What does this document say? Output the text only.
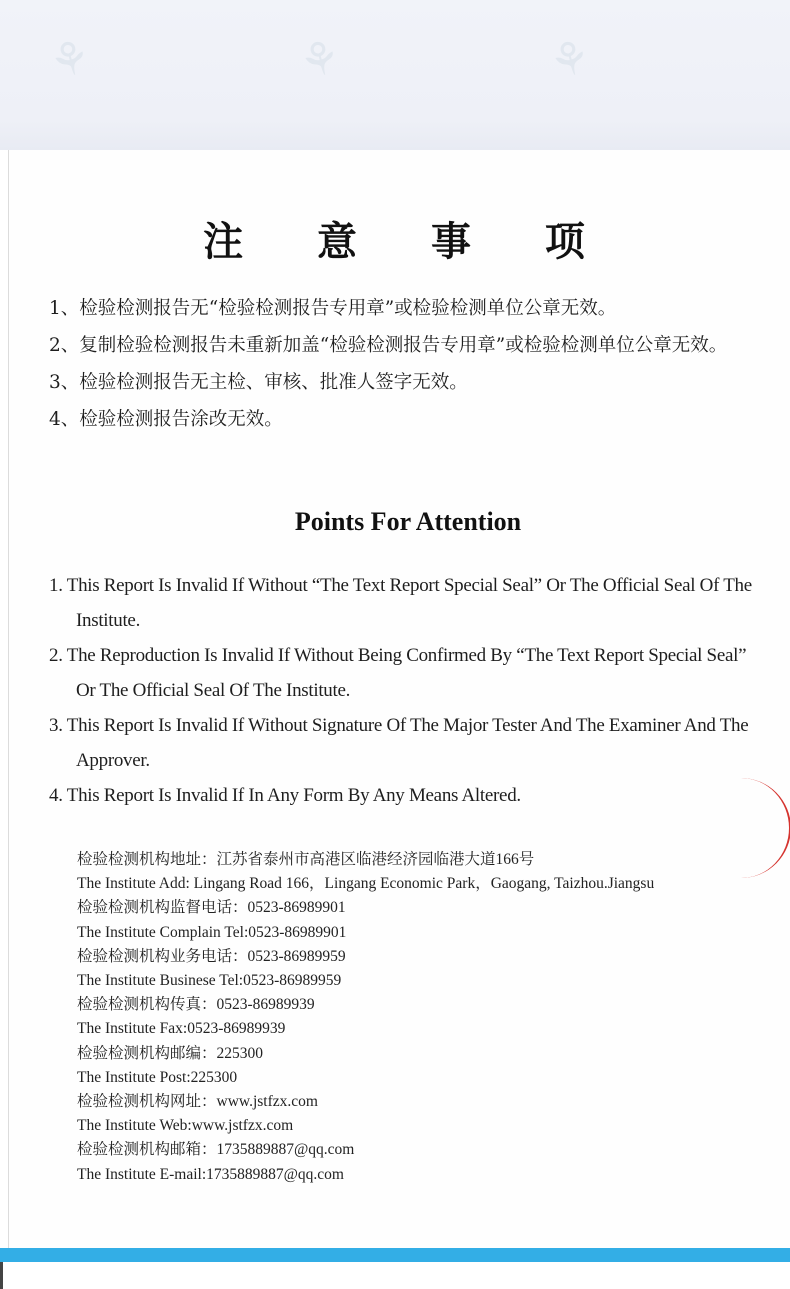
⚘	⚘	⚘
注 意 事 项
1、检验检测报告无“检验检测报告专用章”或检验检测单位公章无效。
2、复制检验检测报告未重新加盖“检验检测报告专用章”或检验检测单位公章无效。
3、检验检测报告无主检、审核、批准人签字无效。
4、检验检测报告涂改无效。
Points For Attention
1. This Report Is Invalid If Without “The Text Report Special Seal” Or The Official Seal Of The Institute.
2. The Reproduction Is Invalid If Without Being Confirmed By “The Text Report Special Seal” Or The Official Seal Of The Institute.
3. This Report Is Invalid If Without Signature Of The Major Tester And The Examiner And The Approver.
4. This Report Is Invalid If In Any Form By Any Means Altered.
检验检测机构地址：江苏省泰州市高港区临港经济园临港大道166号
The Institute Add: Lingang Road 166，Lingang Economic Park，Gaogang, Taizhou.Jiangsu
检验检测机构监督电话：0523-86989901
The Institute Complain Tel:0523-86989901
检验检测机构业务电话：0523-86989959
The Institute Businese Tel:0523-86989959
检验检测机构传真：0523-86989939
The Institute Fax:0523-86989939
检验检测机构邮编：225300
The Institute Post:225300
检验检测机构网址：www.jstfzx.com
The Institute Web:www.jstfzx.com
检验检测机构邮箱：1735889887@qq.com
The Institute E-mail:1735889887@qq.com
